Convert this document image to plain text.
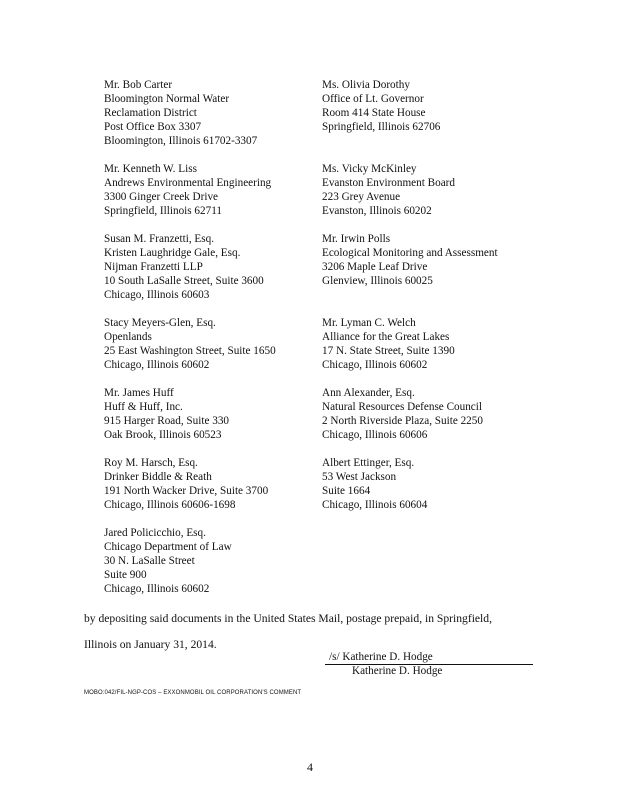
Mr. Bob Carter
Bloomington Normal Water
Reclamation District
Post Office Box 3307
Bloomington, Illinois 61702-3307
Ms. Olivia Dorothy
Office of Lt. Governor
Room 414 State House
Springfield, Illinois 62706
Mr. Kenneth W. Liss
Andrews Environmental Engineering
3300 Ginger Creek Drive
Springfield, Illinois 62711
Ms. Vicky McKinley
Evanston Environment Board
223 Grey Avenue
Evanston, Illinois 60202
Susan M. Franzetti, Esq.
Kristen Laughridge Gale, Esq.
Nijman Franzetti LLP
10 South LaSalle Street, Suite 3600
Chicago, Illinois 60603
Mr. Irwin Polls
Ecological Monitoring and Assessment
3206 Maple Leaf Drive
Glenview, Illinois 60025
Stacy Meyers-Glen, Esq.
Openlands
25 East Washington Street, Suite 1650
Chicago, Illinois 60602
Mr. Lyman C. Welch
Alliance for the Great Lakes
17 N. State Street, Suite 1390
Chicago, Illinois 60602
Mr. James Huff
Huff & Huff, Inc.
915 Harger Road, Suite 330
Oak Brook, Illinois 60523
Ann Alexander, Esq.
Natural Resources Defense Council
2 North Riverside Plaza, Suite 2250
Chicago, Illinois 60606
Roy M. Harsch, Esq.
Drinker Biddle & Reath
191 North Wacker Drive, Suite 3700
Chicago, Illinois 60606-1698
Albert Ettinger, Esq.
53 West Jackson
Suite 1664
Chicago, Illinois 60604
Jared Policicchio, Esq.
Chicago Department of Law
30 N. LaSalle Street
Suite 900
Chicago, Illinois 60602
by depositing said documents in the United States Mail, postage prepaid, in Springfield,
Illinois on January 31, 2014.
/s/ Katherine D. Hodge
Katherine D. Hodge
MOBO:042/FIL-NGP-COS – EXXONMOBIL OIL CORPORATION'S COMMENT
4
